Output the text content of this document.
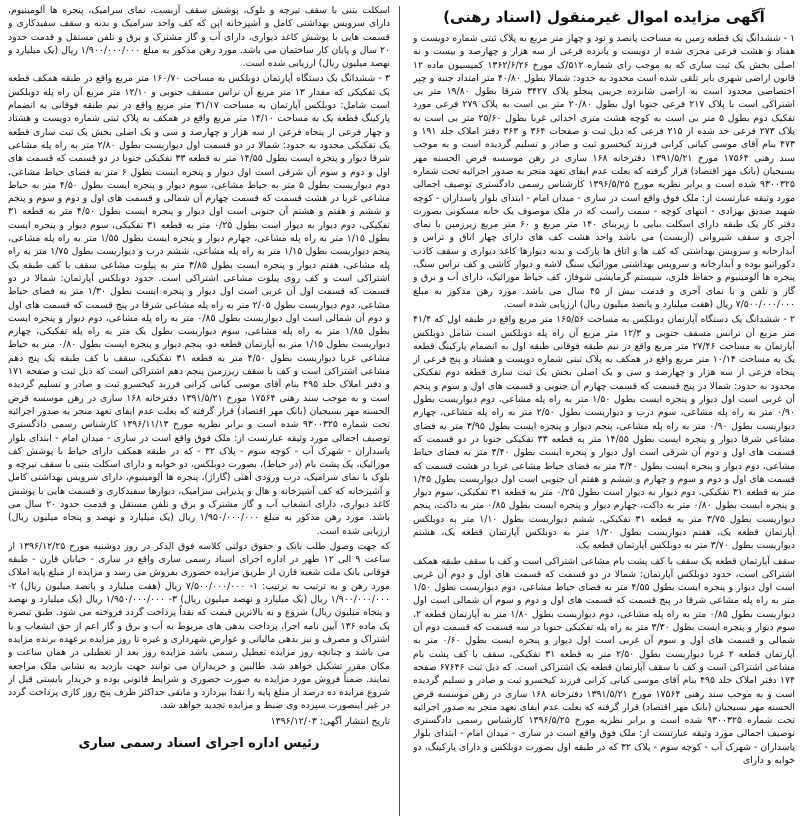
آگهی مزایده اموال غیرمنقول (اسناد رهنی)

۱ - ششدانگ یک قطعه زمین به مساحت پانصد و نود و چهار متر مربع به پلاک ثبتی شماره دویست و هفتاد و هشت فرعی مجزی شده از دویست و پانزده فرعی از سه هزار و چهارصد و بیست و نه اصلی بخش یک ثبت ساری که به موجب رای شماره ۵۱۲/ک مورخ ۱۳۶۲/۶/۲۶ کمیسیون ماده ۱۲ قانون اراضی شهری بایر تلقی شده است محدود به حدود: شمالا بطول ۴۰/۸۰ متر امتداد جنبه و چپر اختصاصی محدود است به اراضی شانزده جریبی پنجلو پلاک ۳۴۲۷ شرقا بطول ۱۹/۸۰ متر بی اشتراکی است با پلاک ۲۱۷ فرعی جنوبا اول بطول ۲۰/۸۰ متر بی است به پلاک ۲۷۹ فرعی مورد تفکیک دوم بطول ۵ متر بی است به کوچه هشت متری احداثی غربا بطول ۲۵/۶۰ متر بی است به پلاک ۲۷۳ فرعی حد شده از ۲۱۵ فرعی که ذیل ثبت و صفحات ۳۶۴ و ۳۶۳ دفتر املاک جلد ۱۹۱ و ۴۷۳ بنام آقای موسی کیانی کرانی فرزند کیخسرو ثبت و صادر و تسلیم گردیده است و به موجب سند رهنی ۱۷۵۶۴ مورخ ۱۳۹۱/۵/۲۱ دفترخانه ۱۶۸ ساری در رهن موسسه قرض الحسنه مهر بسیجیان (بانک مهر اقتصاد) قرار گرفته که بعلت عدم ایفای تعهد منجر به صدور اجرائیه تحت شماره ۹۳۰۰۳۲۵ شده است و برابر نظریه مورخ ۱۳۹۶/۵/۲۵ کارشناس رسمی دادگستری توصیف اجمالی مورد وثیقه عبارتست از: ملک فوق واقع است در ساری - میدان امام - ابتدای بلوار پاسداران - کوچه شهید صدیق بهزادی - انتهای کوچه - سمت راست که در ملک موصوف یک خانه مسکونی بصورت دفتر کار یک طبقه دارای اسکلت بنایی با زیربنای ۱۴۰ متر مربع و ۶۰ متر مربع زیرزمین با نمای آجری و سقف شیروانی (آزبست) می باشد واحد هشت کف های دارای چهار اتاق و تراس و آبدارخانه و سرویس بهداشتی که کف ها و اتاق ها پارکت و بدنه دیوارها کاغذ دیواری و سقف کاذب دکوراتیو بوده و آبدارخانه و سرویس بهداشتی موزائیک سنگ لاشه و دیوار کاشی و کف تراس سنگ، پنجره ها آلومینیوم و حفاظ فلزی، سیستم گرمایشی شوفاژ، کف حیاط موزائیک، دارای آب و برق و گاز و تلفن و با نمای آجری و قدمت بیش از ۴۵ سال می باشد. مورد رهن مذکور به مبلغ ۷/۵۰۰/۰۰۰/۰۰۰ ریال (هفت میلیارد و پانصد میلیون ریال) ارزیابی شده است.

۲ - ششدانگ یک دستگاه آپارتمان دوبلکس به مساحت ۱۶۵/۵۶ متر مربع واقع در طبقه اول که ۴۱/۴ متر مربع آن ترانس مسقف جنوبی و ۱۲/۳ متر مربع آن راه پله دوبلکس است شامل دوبلکس آپارتمان به مساحت ۲۷/۴۶ متر مربع واقع در نیم طبقه فوقانی طبقه اول به انضمام پارکینگ قطعه یک به مساحت ۱۰/۱۴ متر مربع واقع در همکف به پلاک ثبتی شماره دویست و هشتاد و پنج فرعی از پنجاه فرعی از سه هزار و چهارصد و سی و یک اصلی بخش یک ثبت ساری قطعه دوم تفکیکی محدود به حدود: شمالا در پنج قسمت که قسمت چهارم آن جنوبی و قسمت های اول و سوم و پنجم آن غربی است اول دیوار و پنجره ایست بطول ۱/۵۰ متر به راه پله مشاعی، دوم دیواریست بطول ۰/۹۰ متر به راه پله مشاعی، سوم درب و دیواریست بطول ۲/۵۰ متر به راه پله مشاعی، چهارم دیواریست بطول ۰/۹۰ متر به راه پله مشاعی، پنجم دیوار و پنجره ایست بطول ۳/۹۵ متر به فضای مشاعی شرقا دیوار و پنجره ایست بطول ۱۴/۵۵ متر به قطعه ۳۳ تفکیکی جنوبا در دو قسمت که قسمت های اول و دوم آن شرقی است اول دیوار و پنجره ایست بطول ۳/۴۰ متر به فضای حیاط مشاعی، دوم دیوار و پنجره ایست بطول ۳/۴۰ متر به فضای حیاط مشاعی غربا در هشت قسمت که قسمت های اول و دوم و سوم و چهارم و ششم و هفتم آن جنوبی است اول دیواریست بطول ۱/۴۵ متر به قطعه ۳۱ تفکیکی، دوم دیوار به دیوار است بطول ۰/۲۵ متر به قطعه ۳۱ تفکیکی، سوم دیوار و پنجره ایست بطول ۰/۸۰ متر به داکت، چهارم دیوار و پنجره ایست بطول ۰/۸۵ متر به داکت، پنجم دیواریست بطول ۳/۷۵ متر به قطعه ۳۱ تفکیکی، ششم دیواریست بطول ۱/۱۰ متر به دوبلکس آپارتمان قطعه یک، هفتم دیواریست بطول ۱/۲۰ متر به دوبلکس آپارتمان قطعه یک، هشتم دیواریست بطول ۳/۷۰ متر به دوبلکس آپارتمان قطعه یک.

سقف آپارتمان قطعه یک سقف با کف پشت بام مشاعی اشتراکی است و کف با سقف طبقه همکف اشتراکی است، حدود دوبلکس آپارتمان: شمالا در دو قسمت که قسمت های اول و دوم آن غربی است اول دیوار و پنجره ایست بطول ۴/۵۵ متر به فضای حیاط مشاعی، دوم دیواریست بطول ۱/۵۰ متر به راه پله مشاعی شرقا در پنج قسمت که قسمت های اول و دوم و سوم آن شمالی است اول دیواریست بطول ۰/۸۵ متر به راه پله مشاعی، دوم دیواریست بطول ۱/۸۰ متر به آپارتمان قطعه ۲، سوم دیوار و پنجره ایست بطول ۳/۳۰ متر به راه پله تفکیکی جنوبا در سه قسمت که قسمت دوم آن شمالی و قسمت های اول و سوم آن غربی است اول دیوار و پنجره ایست بطول ۰/۶۰ متر به آپارتمان قطعه ۲ غربا دیواریست بطول ۲/۵۰ متر به قطعه ۳۱ تفکیکی، سقف با کف پشت بام مشاعی اشتراکی است و کف با سقف آپارتمان قطعه یک اشتراکی است. که ذیل ثبت ۶۷۶۴۶ صفحه ۱۷۴ دفتر املاک جلد ۴۹۵ بنام آقای موسی کیانی کرانی فرزند کیخسرو ثبت و صادر و تسلیم گردیده است و به موجب سند رهنی ۱۷۵۶۴ مورخ ۱۳۹۱/۵/۲۱ دفترخانه ۱۶۸ ساری در رهن موسسه قرض الحسنه مهر بسیجیان (بانک مهر اقتصاد) قرار گرفته که بعلت عدم ایفای تعهد منجر به صدور اجرائیه تحت شماره ۹۳۰۰۳۲۵ شده است و برابر نظریه مورخ ۱۳۹۶/۵/۲۵ کارشناس رسمی دادگستری توصیف اجمالی مورد وثیقه عبارتست از: ملک فوق واقع است در ساری - میدان امام - ابتدای بلوار پاسداران - شهرک آب - کوچه سوم - پلاک ۳۲ که در طبقه اول بصورت دوبلکس و دارای پارکینگ، دو خوابه و دارای

اسکلت بتنی با سقف تیرچه و بلوک، پوشش سقف آزبست، نمای سرامیک، پنجره ها آلومینیوم، دارای سرویس بهداشتی کامل و آشپزخانه اپن که کف واحد سرامیک و بدنه و سقف سفیدکاری و قسمت هایی با پوشش کاغذ دیواری، دارای آب و گاز مشترک و برق و تلفن مستقل و قدمت حدود ۲۰ سال و پایان کار ساختمان می باشد. مورد رهن مذکور به مبلغ ۱/۹۰۰/۰۰۰/۰۰۰ ریال (یک میلیارد و نهصد میلیون ریال) ارزیابی شده است.

۳ - ششدانگ یک دستگاه آپارتمان دوبلکس به مساحت ۱۶۰/۷۰ متر مربع واقع در طبقه همکف قطعه یک تفکیکی که مقدار ۱۳ متر مربع آن تراس مسقف جنوبی و ۱۲/۱۰ متر مربع آن راه پله دوبلکس است شامل: دوبلکس آپارتمان به مساحت ۳۱/۱۷ متر مربع واقع در نیم طبقه فوقانی به انضمام پارکینگ قطعه یک به مساحت ۱۴/۱۰ متر مربع واقع در همکف به پلاک ثبتی شماره دویست و هشتاد و چهار فرعی از پنجاه فرعی از سه هزار و چهارصد و سی و یک اصلی بخش یک ثبت ساری قطعه یک تفکیکی محدود به حدود: شمالا در دو قسمت اول دیواریست بطول ۲/۸۰ متر به راه پله مشاعی شرقا دیوار و پنجره ایست بطول ۱۴/۵۵ متر به قطعه ۳۳ تفکیکی جنوبا در دو قسمت که قسمت های اول و دوم و سوم آن شرقی است اول دیوار و پنجره ایست بطول ۶ متر به فضای حیاط مشاعی، دوم دیواریست بطول ۵ متر به حیاط مشاعی، سوم دیوار و پنجره ایست بطول ۴/۵۰ متر به حیاط مشاعی غربا در هشت قسمت که قسمت چهارم آن شمالی و قسمت های اول و دوم و سوم و پنجم و ششم و هفتم و هشتم آن جنوبی است اول دیوار و پنجره ایست بطول ۴/۵۰ متر به قطعه ۳۱ تفکیکی، دوم دیوار به دیوار است بطول ۰/۲۵ متر به قطعه ۳۱ تفکیکی، سوم دیوار و پنجره ایست بطول ۱/۱۵ متر به راه پله مشاعی، چهارم دیوار و پنجره ایست بطول ۱/۵۵ متر به راه پله مشاعی، پنجم دیواریست بطول ۱/۱۵ متر به راه پله مشاعی، ششم درب و دیواریست بطول ۱/۷۵ متر به راه پله مشاعی، هفتم دیوار و پنجره ایست بطول ۳/۸۵ متر به پیلوت مشاعی سقف با کف طبقه یک اشتراکی است و کف روی پیلوت مشاعی اشتراکی است. حدود دوبلکس آپارتمان: شمالا در دو قسمت که قسمت اول آن غربی است اول دیوار و پنجره ایست بطول ۱/۳۰ متر به فضای حیاط مشاعی، دوم دیواریست بطول ۲/۰۵ متر به راه پله مشاعی شرقا در پنج قسمت که قسمت های اول و دوم آن شمالی است اول دیواریست بطول ۰/۸۵ متر به راه پله مشاعی، دوم دیوار و پنجره ایست بطول ۱/۸۵ متر به راه پله مشاعی، سوم دیواریست بطول یک متر به راه پله تفکیکی، چهارم دیواریست بطول ۱/۱۵ متر به آپارتمان قطعه دو، پنجم دیوار و پنجره ایست بطول ۰/۸۰ متر به حیاط مشاعی غربا دیواریست بطول ۴/۵۰ متر به قطعه ۳۱ تفکیکی، سقف با کف طبقه یک پنج دهم مشاعی اشتراکی است و کف با سقف زیرزمین پنجم دهم اشتراکی است که ذیل ثبت و صفحه ۱۷۱ و دفتر املاک جلد ۴۹۵ بنام آقای موسی کیانی کرانی فرزند کیخسرو ثبت و صادر و تسلیم گردیده است و به موجب سند رهنی ۱۷۵۶۴ مورخ ۱۳۹۱/۵/۲۱ دفترخانه ۱۶۸ ساری در رهن موسسه قرض الحسنه مهر بسیجیان (بانک مهر اقتصاد) قرار گرفته که بعلت عدم ایفای تعهد منجر به صدور اجرائیه تحت شماره ۹۳۰۰۳۲۵ شده است و برابر نظریه مورخ ۱۳۹۶/۱۱/۱۳ کارشناس رسمی دادگستری توصیف اجمالی مورد وثیقه عبارتست از: ملک فوق واقع است در ساری - میدان امام - ابتدای بلوار پاسداران - شهرک آب - کوچه سوم - پلاک ۳۲ - که در طبقه همکف دارای حیاط با پوشش کف موزائیک، یک پشت بام (در حیاط)، بصورت دوبلکس، دو خوابه و دارای اسکلت بتنی با سقف تیرچه و بلوک با نمای سرامیک، درب ورودی آهنی (گاراژ)، پنجره ها آلومینیوم، دارای سرویس بهداشتی کامل و آشپزخانه که کف آشپزخانه و هال و پذیرایی سرامیک، دیوارها سفیدکاری و قسمت هایی با پوشش کاغذ دیواری، دارای انشعاب آب و گاز مشترک و برق و تلفن مستقل و قدمت حدود ۲۰ سال می باشد. مورد رهن مذکور به مبلغ ۱/۹۵۰/۰۰۰/۰۰۰ ریال (یک میلیارد و نهصد و پنجاه میلیون ریال) ارزیابی شده است.

که جهت وصول طلب بانک و حقوق دولتی کلاسه فوق الذکر در روز دوشنبه مورخ ۱۳۹۶/۱۲/۲۵ از ساعت ۹ الی ۱۲ ظهر در اداره اجرای اسناد رسمی ساری واقع در ساری - خیابان قارن - طبقه فوقانی بانک ملت شعبه قارن از طریق مزایده حضوری بفروش می رسد و مزایده از مبلغ پایه املاک مورد رهن و به ترتیب به ترتیب: ۱- ۷/۵۰۰/۰۰۰/۰۰۰ ریال (هفت میلیارد و پانصد میلیون ریال) ۲- ۱/۹۰۰/۰۰۰/۰۰۰ ریال (یک میلیارد و نهصد میلیون ریال) ۳- ۱/۹۵۰/۰۰۰/۰۰۰ ریال (یک میلیارد و نهصد و پنجاه میلیون ریال) شروع و به بالاترین قیمت که نقداً پرداخت گردد فروخته می شود. طبق تبصره یک ماده ۱۳۶ آیین نامه اجرا، پرداخت بدهی های مربوط به آب و برق و گاز اعم از حق انشعاب و یا اشتراک و مصرف و نیز بدهی مالیاتی و عوارض شهرداری و غیره تا روز مزایده برعهده برنده مزایده می باشد و چنانچه روز مزایده تعطیل رسمی باشد مزایده روز بعد از تعطیلی در همان ساعت و مکان مقرر تشکیل خواهد شد. طالبین و خریداران می توانند جهت بازدید به نشانی ملک مراجعه نمایند. ضمناً فروش مورد مزایده به صورت حضوری و شرایط قانونی بوده و خریدار بایستی قبل از شروع مزایده ده درصد از مبلغ پایه را نقدا بپردازد و مابقی حداکثر ظرف پنج روز کاری پرداخت گردد در غیر اینصورت سپرده وی ضبط و مزایده تجدید خواهد شد.

تاریخ انتشار آگهی: ۱۳۹۶/۱۲/۰۳

رئیس اداره اجرای اسناد رسمی ساری
